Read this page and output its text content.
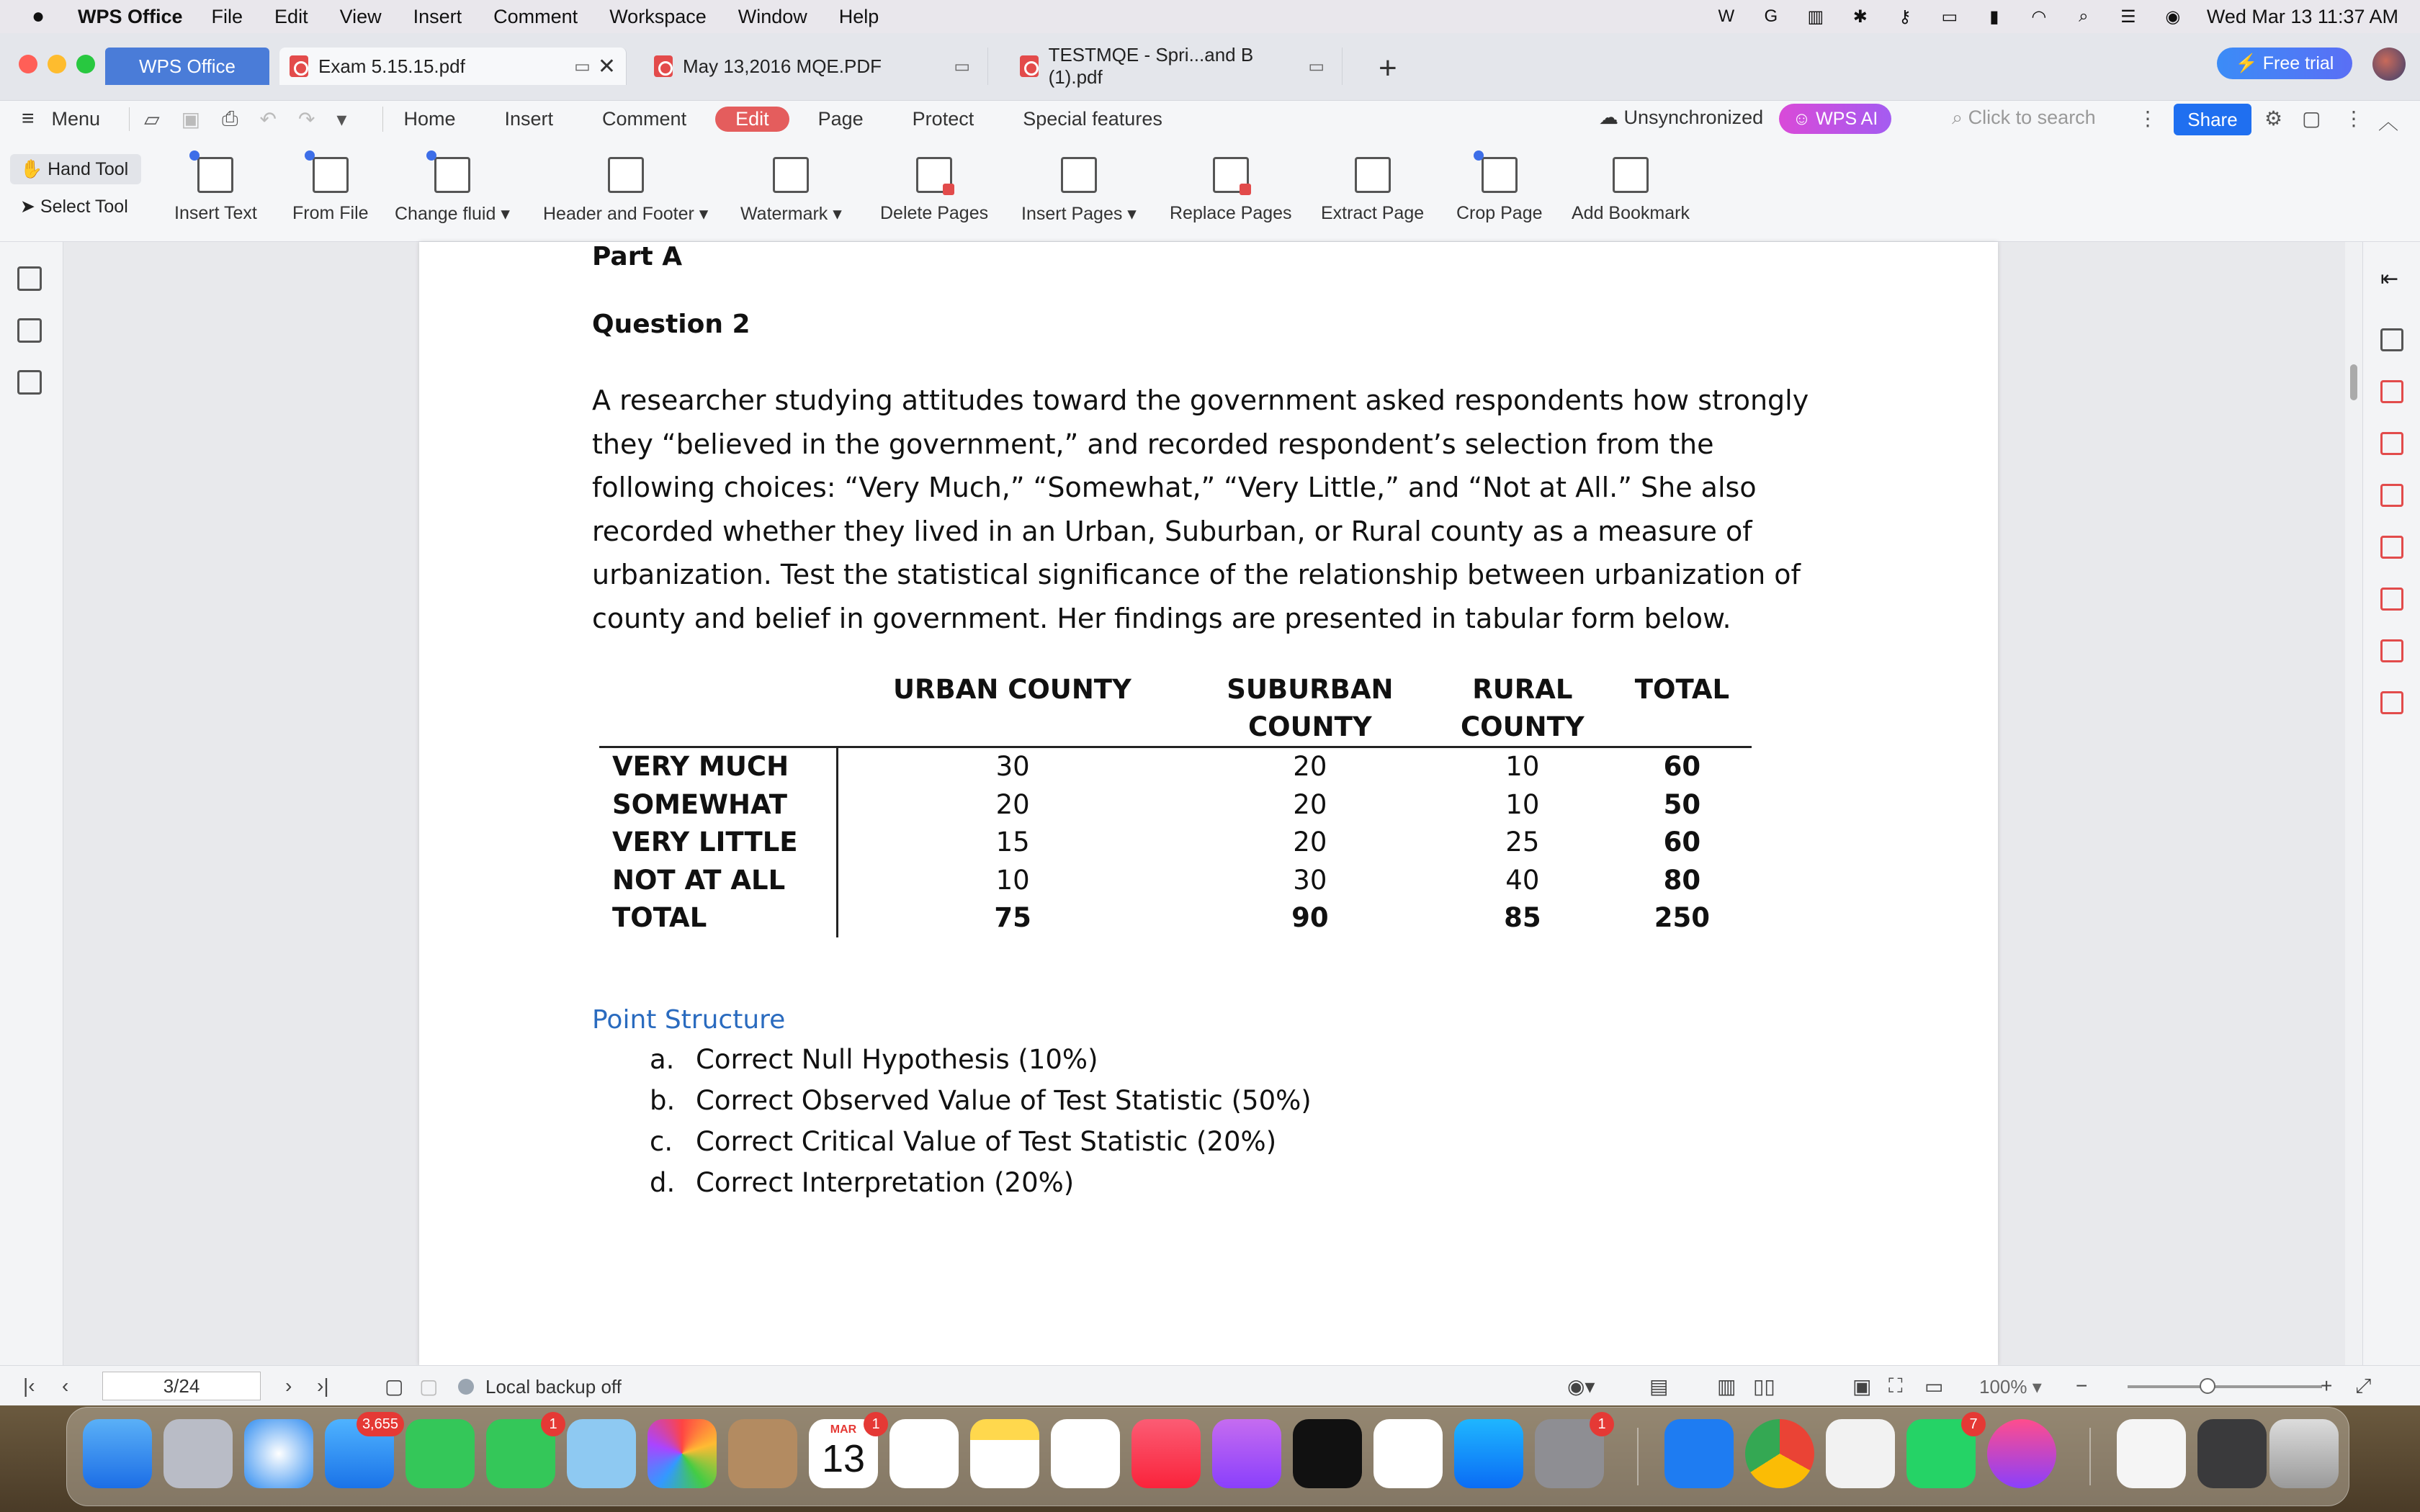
● WPS Office File Edit View Insert Comment Workspace Window Help	W	G	▥ ✱	⚷	▭	▮	◠	⌕	☰ ◉ Wed Mar 13 11:37 AM
WPS Office	Exam 5.15.15.pdf	▭ ✕	May 13,2016 MQE.PDF	▭
TESTMQE - Spri...and B (1).pdf	▭ +	⚡
Free trial
≡ Menu ▱ ▣ ⎙ ↶ ↷ ▾	Home	Insert	Comment	Edit	Page	Protect	Special features	☁ Unsynchronized ☺
WPS AI	⌕ Click to search ⋮	Share	⚙ ▢ ⋮ ︿
✋
Hand Tool
➤ Select Tool	Insert Text From File Change fluid ▾ Header and Footer ▾ Watermark ▾ Delete Pages Insert Pages ▾ Replace Pages Extract Page Crop Page Add Bookmark
Part A
Question 2
A researcher studying attitudes toward the government asked respondents how strongly they “believed in the government,” and recorded respondent’s selection from the following choices: “Very Much,” “Somewhat,” “Very Little,” and “Not at All.” She also recorded whether they lived in an Urban, Suburban, or Rural county as a measure of urbanization. Test the statistical significance of the relationship between urbanization of county and belief in government. Her findings are presented in tabular form below.
	URBAN COUNTY	SUBURBAN COUNTY	RURAL COUNTY	TOTAL
VERY MUCH	30	20	10	60
SOMEWHAT	20	20	10	50
VERY LITTLE	15	20	25	60
NOT AT ALL	10	30	40	80
TOTAL	75	90	85	250
Point Structure
a. Correct Null Hypothesis (10%)
b. Correct Observed Value of Test Statistic (50%)
c. Correct Critical Value of Test Statistic (20%)
d. Correct Interpretation (20%)
⇤
|‹ ‹	3/24	› ›|	▢ ▢	Local backup off	◉▾	▤ ▥ ▯▯	▣ ⛶ ▭ 100% ▾ −	+ ⤢
3,655	1	MAR
13
1	1	7
